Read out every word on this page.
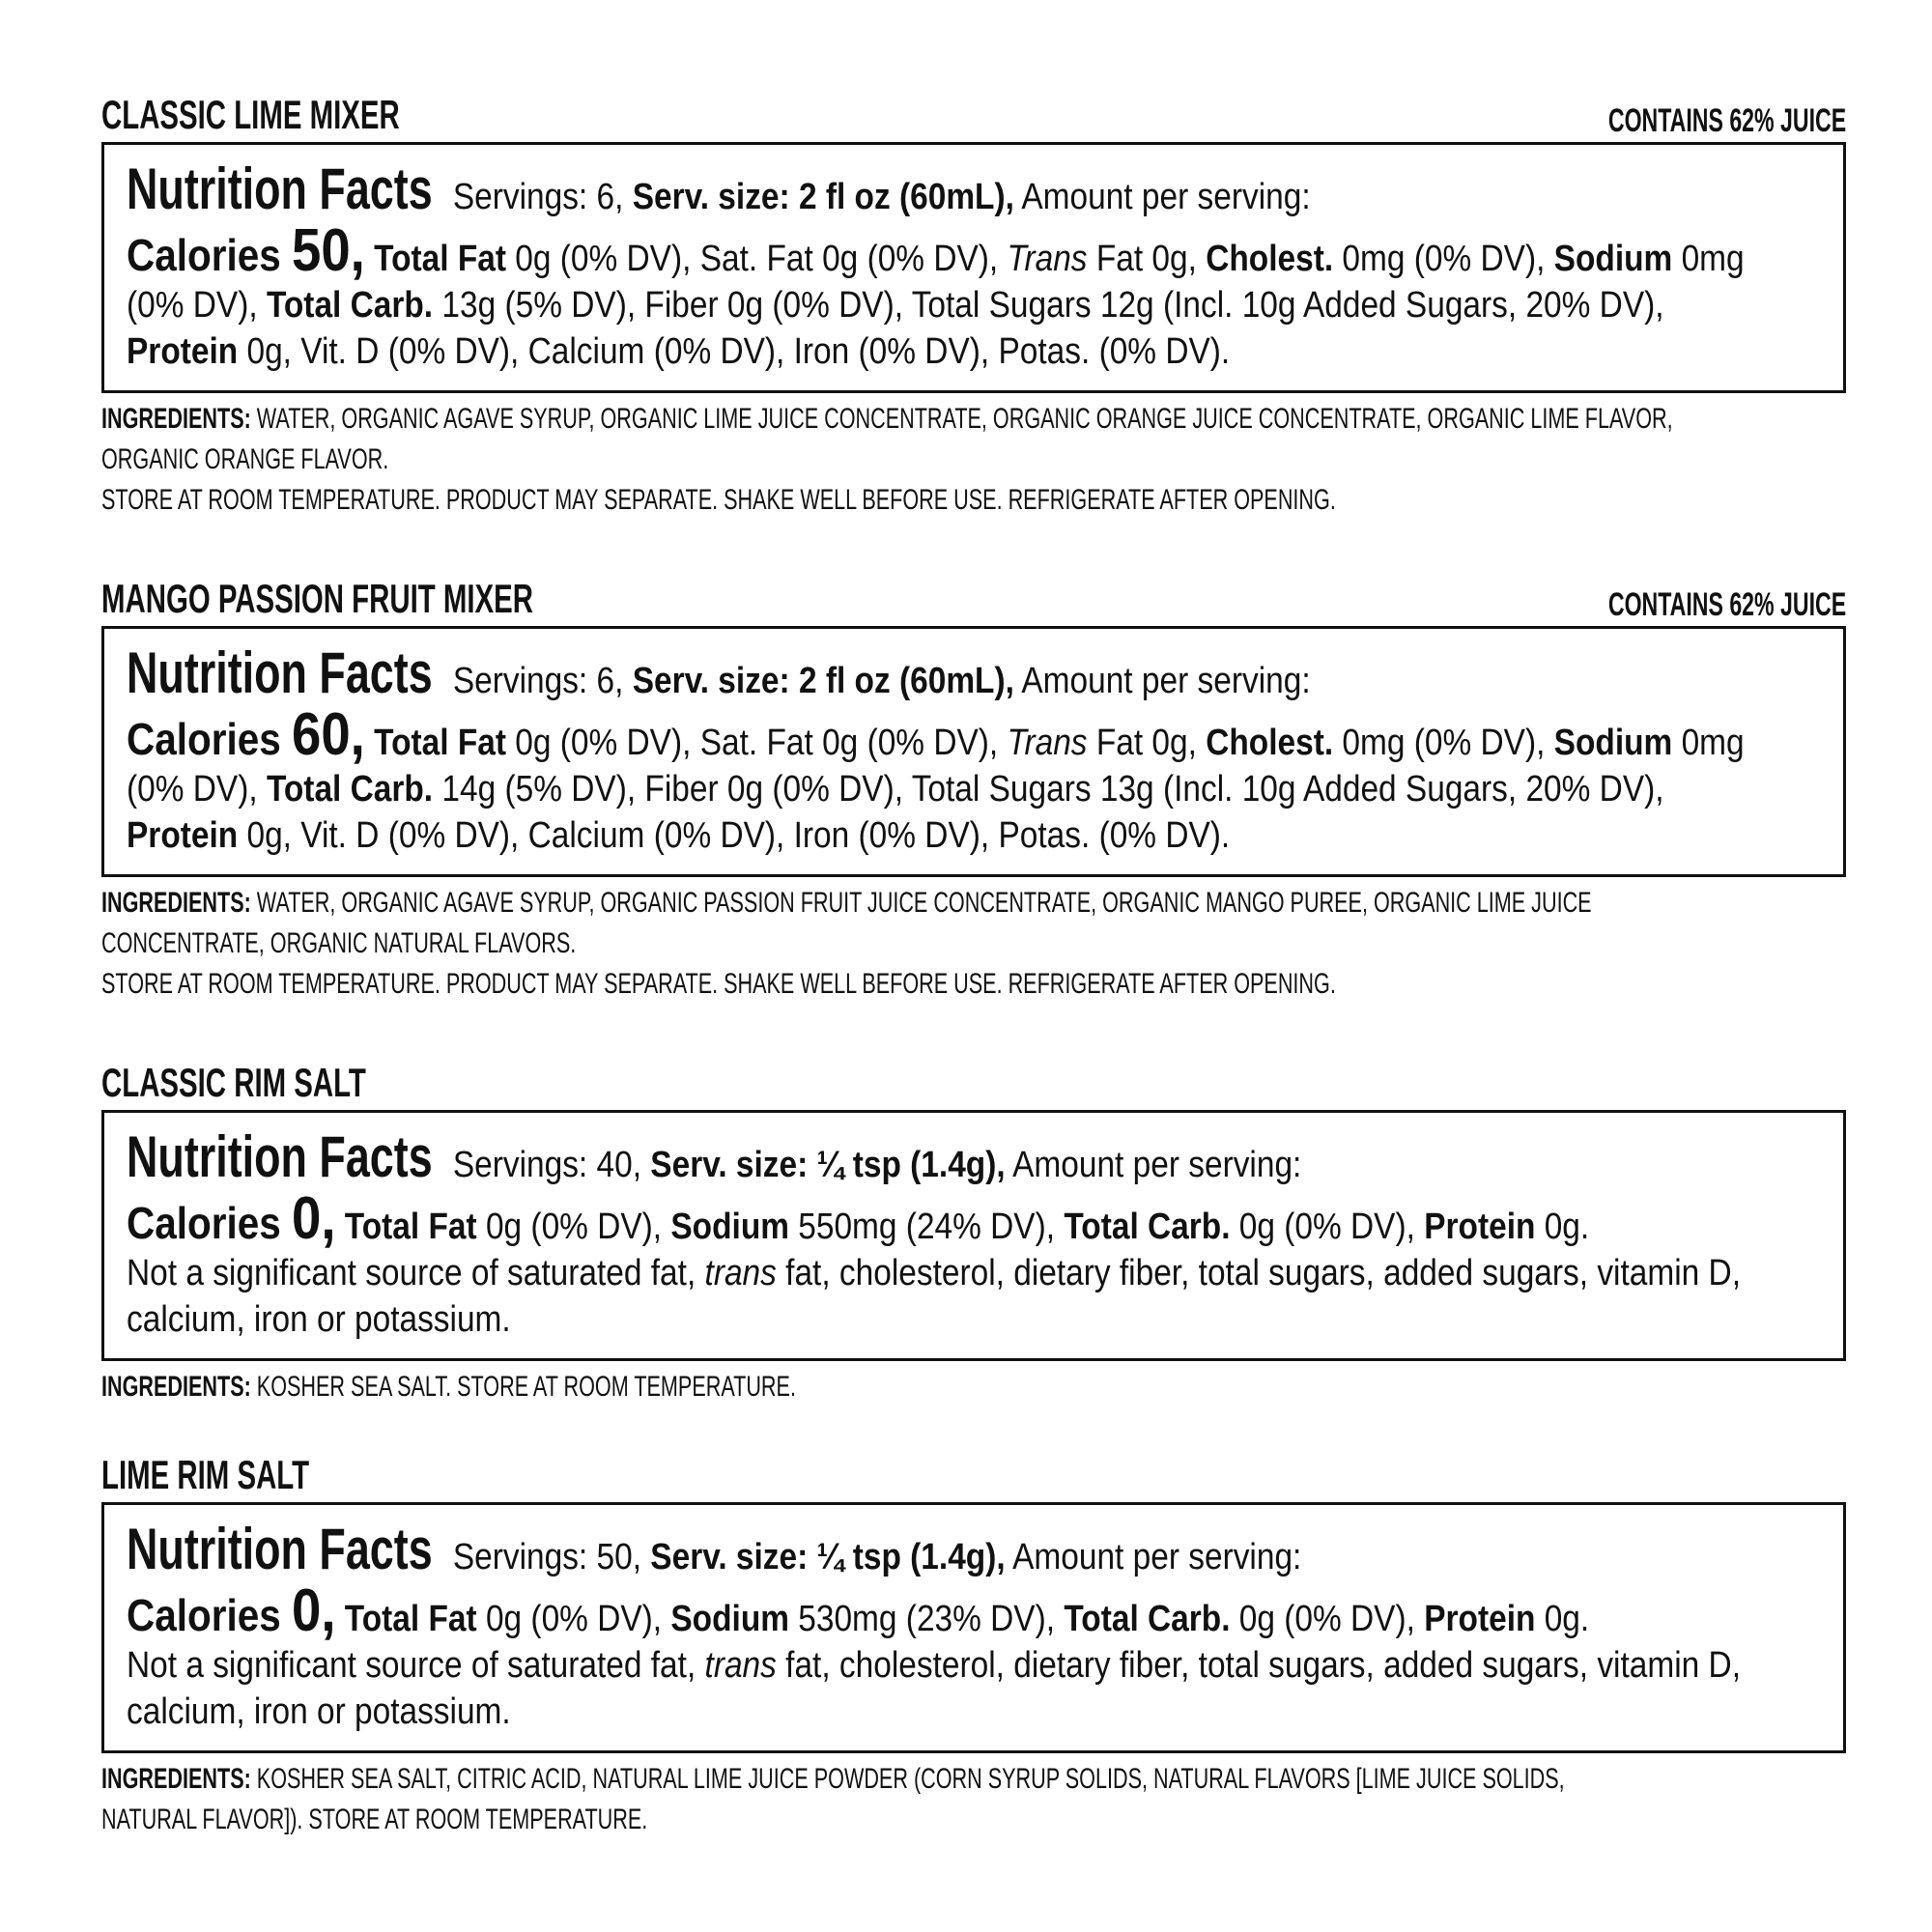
CLASSIC LIME MIXER	CONTAINS 62% JUICE
Nutrition Facts Servings: 6, Serv. size: 2 fl oz (60mL), Amount per serving:
Calories 50, Total Fat 0g (0% DV), Sat. Fat 0g (0% DV), Trans Fat 0g, Cholest. 0mg (0% DV), Sodium 0mg
(0% DV), Total Carb. 13g (5% DV), Fiber 0g (0% DV), Total Sugars 12g (Incl. 10g Added Sugars, 20% DV),
Protein 0g, Vit. D (0% DV), Calcium (0% DV), Iron (0% DV), Potas. (0% DV).
INGREDIENTS: WATER, ORGANIC AGAVE SYRUP, ORGANIC LIME JUICE CONCENTRATE, ORGANIC ORANGE JUICE CONCENTRATE, ORGANIC LIME FLAVOR,
ORGANIC ORANGE FLAVOR.
STORE AT ROOM TEMPERATURE. PRODUCT MAY SEPARATE. SHAKE WELL BEFORE USE. REFRIGERATE AFTER OPENING.
MANGO PASSION FRUIT MIXER	CONTAINS 62% JUICE
Nutrition Facts Servings: 6, Serv. size: 2 fl oz (60mL), Amount per serving:
Calories 60, Total Fat 0g (0% DV), Sat. Fat 0g (0% DV), Trans Fat 0g, Cholest. 0mg (0% DV), Sodium 0mg
(0% DV), Total Carb. 14g (5% DV), Fiber 0g (0% DV), Total Sugars 13g (Incl. 10g Added Sugars, 20% DV),
Protein 0g, Vit. D (0% DV), Calcium (0% DV), Iron (0% DV), Potas. (0% DV).
INGREDIENTS: WATER, ORGANIC AGAVE SYRUP, ORGANIC PASSION FRUIT JUICE CONCENTRATE, ORGANIC MANGO PUREE, ORGANIC LIME JUICE
CONCENTRATE, ORGANIC NATURAL FLAVORS.
STORE AT ROOM TEMPERATURE. PRODUCT MAY SEPARATE. SHAKE WELL BEFORE USE. REFRIGERATE AFTER OPENING.
CLASSIC RIM SALT
Nutrition Facts Servings: 40, Serv. size: ¼ tsp (1.4g), Amount per serving:
Calories 0, Total Fat 0g (0% DV), Sodium 550mg (24% DV), Total Carb. 0g (0% DV), Protein 0g.
Not a significant source of saturated fat, trans fat, cholesterol, dietary fiber, total sugars, added sugars, vitamin D,
calcium, iron or potassium.
INGREDIENTS: KOSHER SEA SALT. STORE AT ROOM TEMPERATURE.
LIME RIM SALT
Nutrition Facts Servings: 50, Serv. size: ¼ tsp (1.4g), Amount per serving:
Calories 0, Total Fat 0g (0% DV), Sodium 530mg (23% DV), Total Carb. 0g (0% DV), Protein 0g.
Not a significant source of saturated fat, trans fat, cholesterol, dietary fiber, total sugars, added sugars, vitamin D,
calcium, iron or potassium.
INGREDIENTS: KOSHER SEA SALT, CITRIC ACID, NATURAL LIME JUICE POWDER (CORN SYRUP SOLIDS, NATURAL FLAVORS [LIME JUICE SOLIDS,
NATURAL FLAVOR]). STORE AT ROOM TEMPERATURE.
